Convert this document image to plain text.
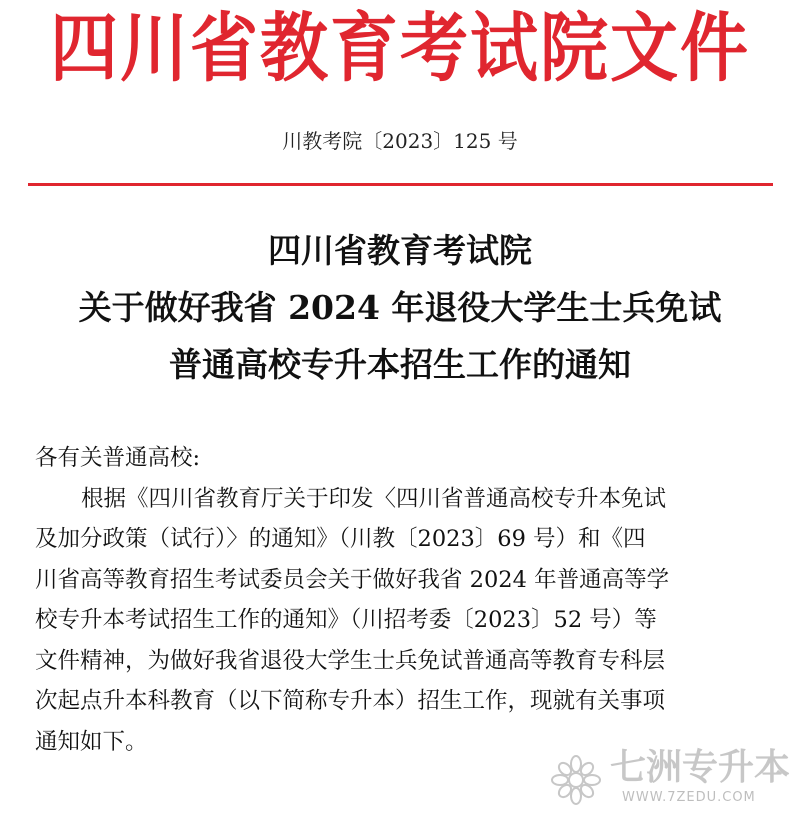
四川省教育考试院文件
川教考院〔2023〕125 号
四川省教育考试院
关于做好我省 2024 年退役大学生士兵免试
普通高校专升本招生工作的通知
各有关普通高校:
根据《四川省教育厅关于印发〈四川省普通高校专升本免试
及加分政策（试行）〉的通知》（川教〔2023〕69 号）和《四
川省高等教育招生考试委员会关于做好我省 2024 年普通高等学
校专升本考试招生工作的通知》（川招考委〔2023〕52 号）等
文件精神，为做好我省退役大学生士兵免试普通高等教育专科层
次起点升本科教育（以下简称专升本）招生工作，现就有关事项
通知如下。
七洲专升本
WWW.7ZEDU.COM
